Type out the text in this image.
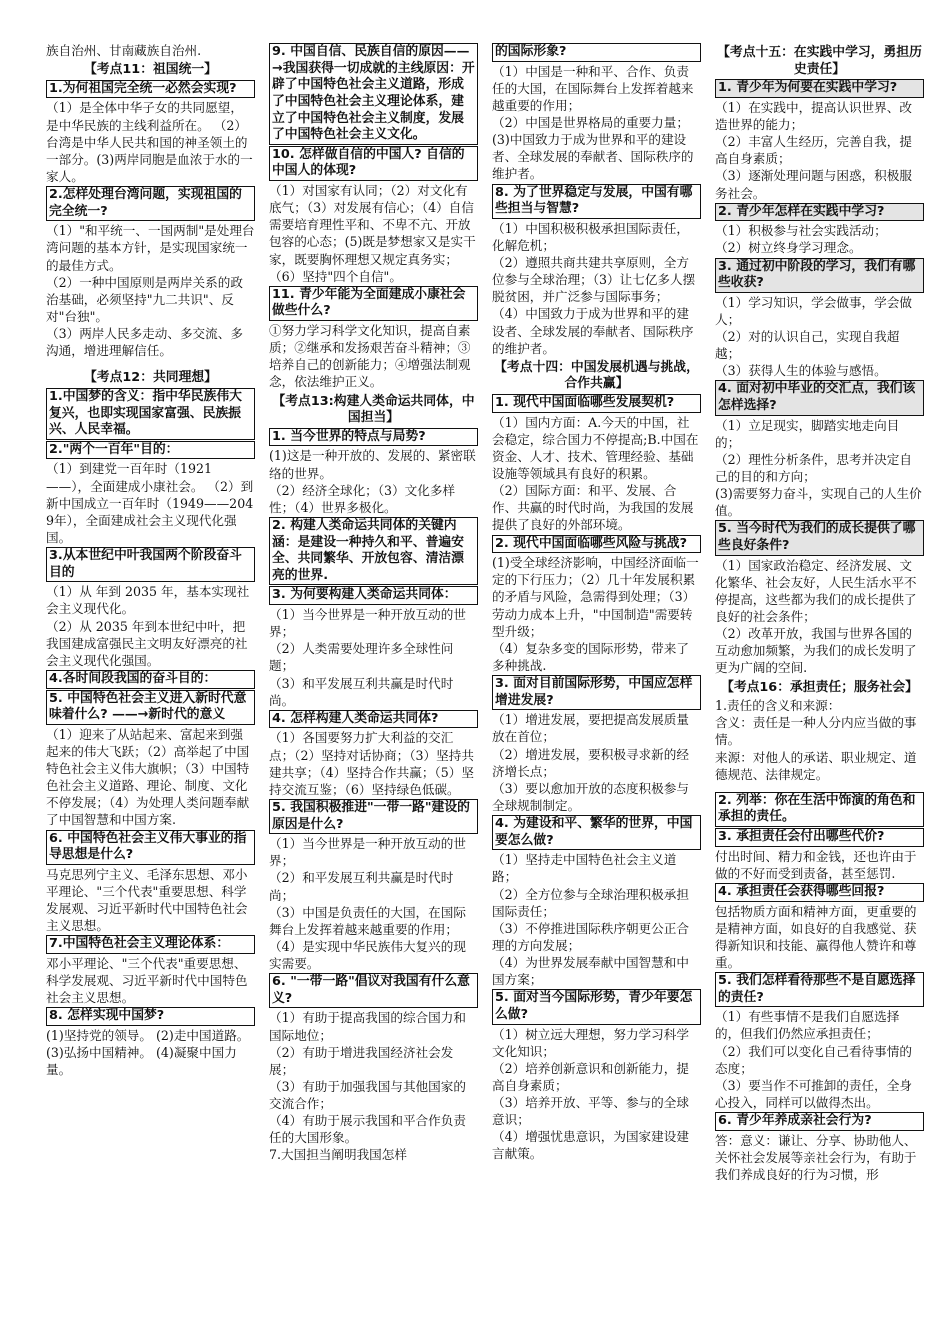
族自治州、甘南藏族自治州.
【考点11：祖国统一】
1.为何祖国完全统一必然会实现?
（1）是全体中华子女的共同愿望，是中华民族的主线利益所在。 （2）台湾是中华人民共和国的神圣领土的一部分。(3)两岸同胞是血浓于水的一家人。
2.怎样处理台湾问题，实现祖国的完全统一?
（1）"和平统一、一国两制"是处理台湾问题的基本方针，是实现国家统一的最佳方式。
（2）一种中国原则是两岸关系的政治基础，必须坚持"九二共识"、反对"台独"。
（3）两岸人民多走动、多交流、多沟通，增进理解信任。
【考点12：共同理想】
1.中国梦的含义：指中华民族伟大复兴，也即实现国家富强、民族振兴、人民幸福。
2."两个一百年"目的：
（1）到建党一百年时（1921——），全面建成小康社会。 （2）到新中国成立一百年时（1949——2049年），全面建成社会主义现代化强国。
3.从本世纪中叶我国两个阶段奋斗目的
（1）从 年到 2035 年，基本实现社会主义现代化。
（2）从 2035 年到本世纪中叶，把我国建成富强民主文明友好漂亮的社会主义现代化强国。
4.各时间段我国的奋斗目的：
5. 中国特色社会主义进入新时代意味着什么? ——→新时代的意义
（1）迎来了从站起来、富起来到强起来的伟大飞跃；（2）高举起了中国特色社会主义伟大旗帜；（3）中国特色社会主义道路、理论、制度、文化不停发展；（4）为处理人类问题奉献了中国智慧和中国方案.
6. 中国特色社会主义伟大事业的指导思想是什么?
马克思列宁主义、毛泽东思想、邓小平理论、"三个代表"重要思想、科学发展观、习近平新时代中国特色社会主义思想。
7.中国特色社会主义理论体系：
邓小平理论、"三个代表"重要思想、科学发展观、习近平新时代中国特色社会主义思想。
8. 怎样实现中国梦?
(1)坚持党的领导。 (2)走中国道路。 (3)弘扬中国精神。 (4)凝聚中国力量。
9. 中国自信、民族自信的原因——→我国获得一切成就的主线原因：开辟了中国特色社会主义道路，形成了中国特色社会主义理论体系，建立了中国特色社会主义制度，发展了中国特色社会主义文化。
10. 怎样做自信的中国人? 自信的中国人的体现?
（1）对国家有认同；（2）对文化有底气；（3）对发展有信心；（4）自信需要培育理性平和、不卑不亢、开放包容的心态；(5)既是梦想家又是实干家，既要胸怀理想又规定真务实；
（6）坚持"四个自信"。
11. 青少年能为全面建成小康社会做些什么?
①努力学习科学文化知识，提高自素质；②继承和发扬艰苦奋斗精神；③培养自己的创新能力；④增强法制观念，依法维护正义。
【考点13:构建人类命运共同体，中国担当】
1. 当今世界的特点与局势?
(1)这是一种开放的、发展的、紧密联络的世界。
（2）经济全球化；（3）文化多样性；（4）世界多极化。
2. 构建人类命运共同体的关键内涵：是建设一种持久和平、普遍安全、共同繁华、开放包容、清洁漂亮的世界.
3. 为何要构建人类命运共同体：
（1）当今世界是一种开放互动的世界；
（2）人类需要处理许多全球性问题；
（3）和平发展互利共赢是时代时尚。
4. 怎样构建人类命运共同体?
（1）各国要努力扩大利益的交汇点；（2）坚持对话协商；（3）坚持共建共享；（4）坚持合作共赢；（5）坚持交流互鉴；（6）坚持绿色低碳。
5. 我国积极推进"一带一路"建设的原因是什么?
（1）当今世界是一种开放互动的世界；
（2）和平发展互利共赢是时代时尚；
（3）中国是负责任的大国，在国际舞台上发挥着越来越重要的作用；
（4）是实现中华民族伟大复兴的现实需要。
6. "一带一路"倡议对我国有什么意义?
（1）有助于提高我国的综合国力和国际地位；
（2）有助于增进我国经济社会发展；
（3）有助于加强我国与其他国家的交流合作；
（4）有助于展示我国和平合作负责任的大国形象。
7.大国担当阐明我国怎样
的国际形象?
（1）中国是一种和平、合作、负责任的大国，在国际舞台上发挥着越来越重要的作用；
（2）中国是世界格局的重要力量；
(3)中国致力于成为世界和平的建设者、全球发展的奉献者、国际秩序的维护者。
8. 为了世界稳定与发展，中国有哪些担当与智慧?
（1）中国积极积极承担国际责任，化解危机；
（2）遵照共商共建共享原则，全方位参与全球治理；（3）让七亿多人摆脱贫困，并广泛参与国际事务；
（4）中国致力于成为世界和平的建设者、全球发展的奉献者、国际秩序的维护者。
【考点十四：中国发展机遇与挑战，合作共赢】
1. 现代中国面临哪些发展契机?
（1）国内方面：A.今天的中国，社会稳定，综合国力不停提高;B.中国在资金、人才、技术、管理经验、基础设施等领域具有良好的积累。
（2）国际方面：和平、发展、合作、共赢的时代时尚，为我国的发展提供了良好的外部环境。
2. 现代中国面临哪些风险与挑战?
(1)受全球经济影响，中国经济面临一定的下行压力；（2）几十年发展积累的矛盾与风险，急需得到处理；（3）劳动力成本上升，"中国制造"需要转型升级；
（4）复杂多变的国际形势，带来了多种挑战.
3. 面对目前国际形势，中国应怎样增进发展?
（1）增进发展，要把提高发展质量放在首位；
（2）增进发展，要积极寻求新的经济增长点；
（3）要以愈加开放的态度积极参与全球规制制定。
4. 为建设和平、繁华的世界，中国要怎么做?
（1）坚持走中国特色社会主义道路；
（2）全方位参与全球治理积极承担国际责任；
（3）不停推进国际秩序朝更公正合理的方向发展；
（4）为世界发展奉献中国智慧和中国方案；
5. 面对当今国际形势，青少年要怎么做?
（1）树立远大理想，努力学习科学文化知识；
（2）培养创新意识和创新能力，提高自身素质；
（3）培养开放、平等、参与的全球意识；
（4）增强忧患意识，为国家建设建言献策。
【考点十五：在实践中学习，勇担历史责任】
1. 青少年为何要在实践中学习?
（1）在实践中，提高认识世界、改造世界的能力；
（2）丰富人生经历，完善自我，提高自身素质；
（3）逐渐处理问题与困惑，积极服务社会。
2. 青少年怎样在实践中学习?
（1）积极参与社会实践活动；
（2）树立终身学习理念。
3. 通过初中阶段的学习，我们有哪些收获?
（1）学习知识，学会做事，学会做人；
（2）对的认识自己，实现自我超越；
（3）获得人生的体验与感悟。
4. 面对初中毕业的交汇点，我们该怎样选择?
（1）立足现实，脚踏实地走向目的；
（2）理性分析条件，思考并决定自己的目的和方向；
(3)需要努力奋斗，实现自己的人生价值。
5. 当今时代为我们的成长提供了哪些良好条件?
（1）国家政治稳定、经济发展、文化繁华、社会友好，人民生活水平不停提高，这些都为我们的成长提供了良好的社会条件；
（2）改革开放，我国与世界各国的互动愈加频繁，为我们的成长发明了更为广阔的空间.
【考点16：承担责任；服务社会】
1.责任的含义和来源：
含义：责任是一种人分内应当做的事情。
来源：对他人的承诺、职业规定、道德规范、法律规定。
2. 列举：你在生活中饰演的角色和承担的责任。
3. 承担责任会付出哪些代价?
付出时间、精力和金钱，还也许由于做的不好而受到责备，甚至惩罚.
4. 承担责任会获得哪些回报?
包括物质方面和精神方面，更重要的是精神方面，如良好的自我感觉、获得新知识和技能、赢得他人赞许和尊重。
5. 我们怎样看待那些不是自愿选择的责任?
（1）有些事情不是我们自愿选择的，但我们仍然应承担责任；
（2）我们可以变化自己看待事情的态度；
（3）要当作不可推卸的责任，全身心投入，同样可以做得杰出。
6. 青少年养成亲社会行为?
答：意义：谦让、分享、协助他人、关怀社会发展等亲社会行为，有助于我们养成良好的行为习惯，形
